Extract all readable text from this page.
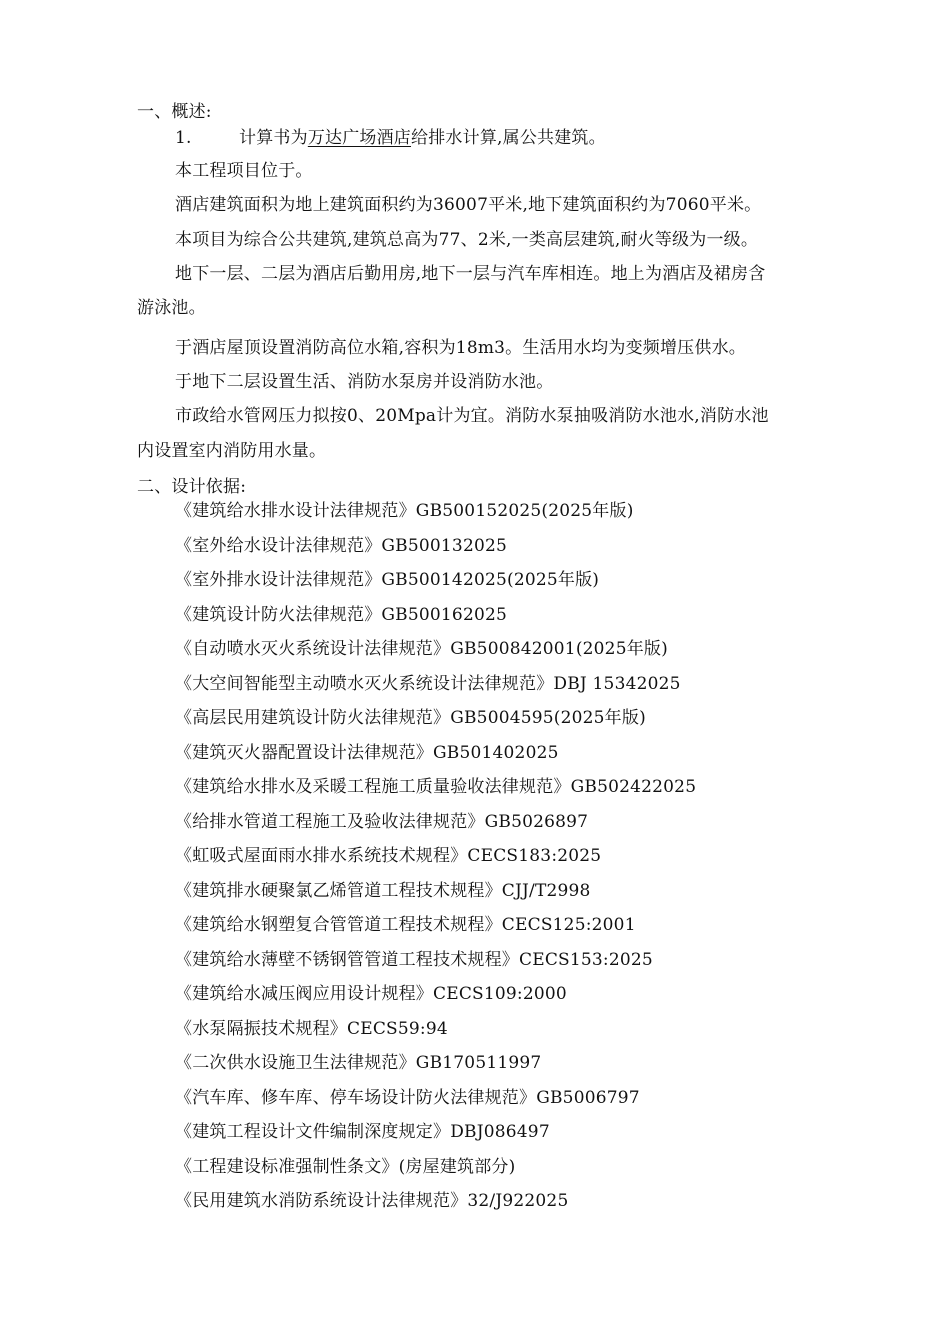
一、概述:
1.	计算书为万达广场酒店给排水计算,属公共建筑。
本工程项目位于。
酒店建筑面积为地上建筑面积约为36007平米,地下建筑面积约为7060平米。
本项目为综合公共建筑,建筑总高为77、2米,一类高层建筑,耐火等级为一级。
地下一层、二层为酒店后勤用房,地下一层与汽车库相连。地上为酒店及裙房含
游泳池。
于酒店屋顶设置消防高位水箱,容积为18m3。生活用水均为变频增压供水。
于地下二层设置生活、消防水泵房并设消防水池。
市政给水管网压力拟按0、20Mpa计为宜。消防水泵抽吸消防水池水,消防水池
内设置室内消防用水量。
二、设计依据:
《建筑给水排水设计法律规范》GB500152025(2025年版)
《室外给水设计法律规范》GB500132025
《室外排水设计法律规范》GB500142025(2025年版)
《建筑设计防火法律规范》GB500162025
《自动喷水灭火系统设计法律规范》GB500842001(2025年版)
《大空间智能型主动喷水灭火系统设计法律规范》DBJ 15342025
《高层民用建筑设计防火法律规范》GB5004595(2025年版)
《建筑灭火器配置设计法律规范》GB501402025
《建筑给水排水及采暖工程施工质量验收法律规范》GB502422025
《给排水管道工程施工及验收法律规范》GB5026897
《虹吸式屋面雨水排水系统技术规程》CECS183:2025
《建筑排水硬聚氯乙烯管道工程技术规程》CJJ/T2998
《建筑给水钢塑复合管管道工程技术规程》CECS125:2001
《建筑给水薄壁不锈钢管管道工程技术规程》CECS153:2025
《建筑给水减压阀应用设计规程》CECS109:2000
《水泵隔振技术规程》CECS59:94
《二次供水设施卫生法律规范》GB170511997
《汽车库、修车库、停车场设计防火法律规范》GB5006797
《建筑工程设计文件编制深度规定》DBJ086497
《工程建设标准强制性条文》(房屋建筑部分)
《民用建筑水消防系统设计法律规范》32/J922025
